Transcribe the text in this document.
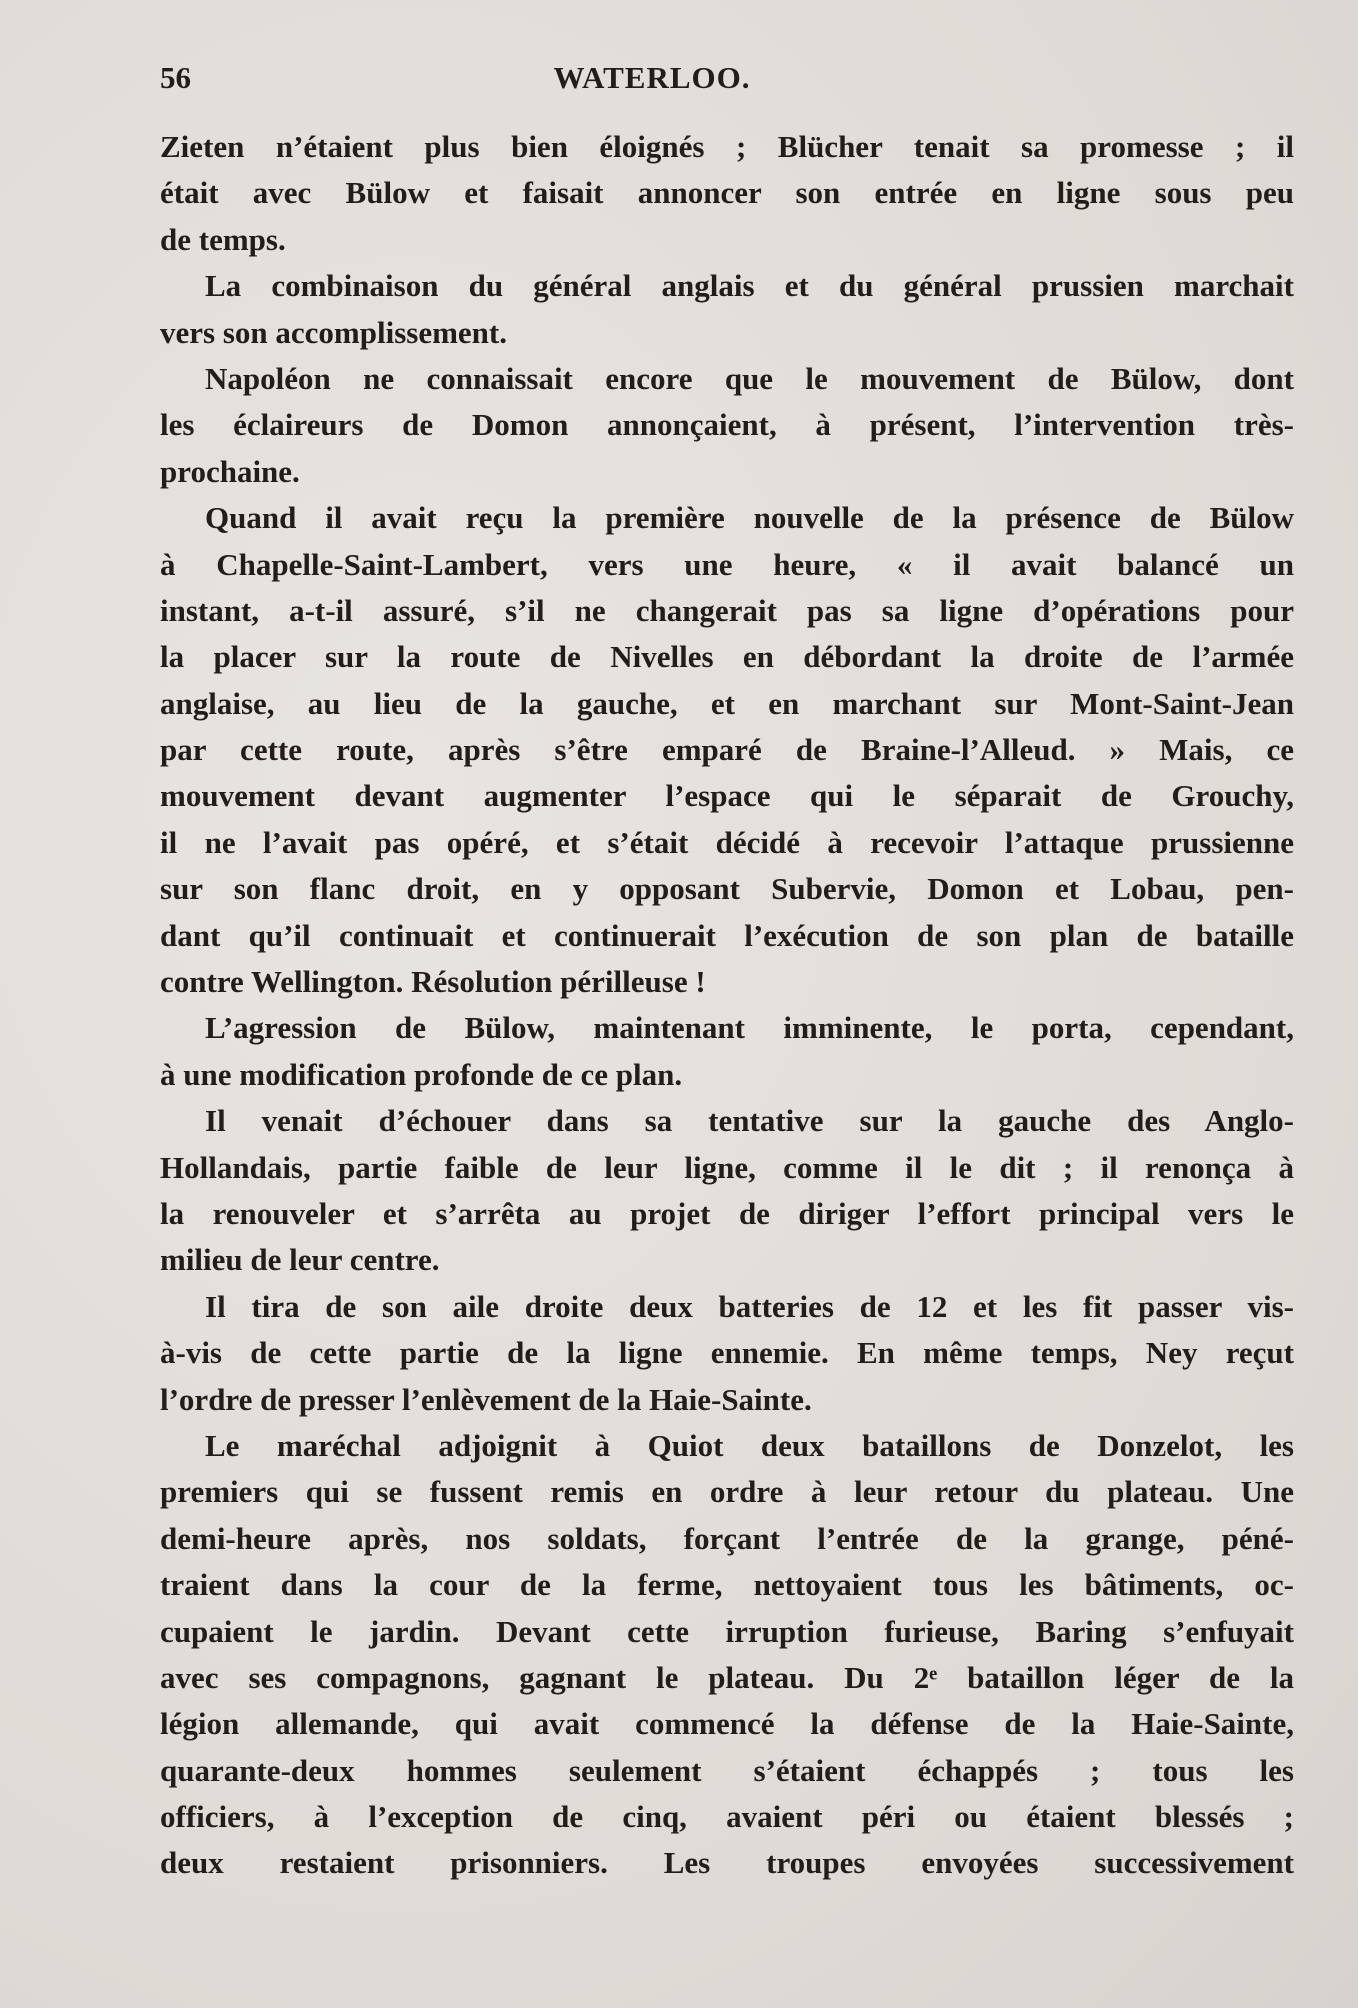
56	WATERLOO.
Zieten n’étaient plus bien éloignés ; Blücher tenait sa promesse ; il
était avec Bülow et faisait annoncer son entrée en ligne sous peu
de temps.
La combinaison du général anglais et du général prussien marchait
vers son accomplissement.
Napoléon ne connaissait encore que le mouvement de Bülow, dont
les éclaireurs de Domon annonçaient, à présent, l’intervention très-
prochaine.
Quand il avait reçu la première nouvelle de la présence de Bülow
à Chapelle-Saint-Lambert, vers une heure, « il avait balancé un
instant, a-t-il assuré, s’il ne changerait pas sa ligne d’opérations pour
la placer sur la route de Nivelles en débordant la droite de l’armée
anglaise, au lieu de la gauche, et en marchant sur Mont-Saint-Jean
par cette route, après s’être emparé de Braine-l’Alleud. » Mais, ce
mouvement devant augmenter l’espace qui le séparait de Grouchy,
il ne l’avait pas opéré, et s’était décidé à recevoir l’attaque prussienne
sur son flanc droit, en y opposant Subervie, Domon et Lobau, pen-
dant qu’il continuait et continuerait l’exécution de son plan de bataille
contre Wellington. Résolution périlleuse !
L’agression de Bülow, maintenant imminente, le porta, cependant,
à une modification profonde de ce plan.
Il venait d’échouer dans sa tentative sur la gauche des Anglo-
Hollandais, partie faible de leur ligne, comme il le dit ; il renonça à
la renouveler et s’arrêta au projet de diriger l’effort principal vers le
milieu de leur centre.
Il tira de son aile droite deux batteries de 12 et les fit passer vis-
à-vis de cette partie de la ligne ennemie. En même temps, Ney reçut
l’ordre de presser l’enlèvement de la Haie-Sainte.
Le maréchal adjoignit à Quiot deux bataillons de Donzelot, les
premiers qui se fussent remis en ordre à leur retour du plateau. Une
demi-heure après, nos soldats, forçant l’entrée de la grange, péné-
traient dans la cour de la ferme, nettoyaient tous les bâtiments, oc-
cupaient le jardin. Devant cette irruption furieuse, Baring s’enfuyait
avec ses compagnons, gagnant le plateau. Du 2ᵉ bataillon léger de la
légion allemande, qui avait commencé la défense de la Haie-Sainte,
quarante-deux hommes seulement s’étaient échappés ; tous les
officiers, à l’exception de cinq, avaient péri ou étaient blessés ;
deux restaient prisonniers. Les troupes envoyées successivement
